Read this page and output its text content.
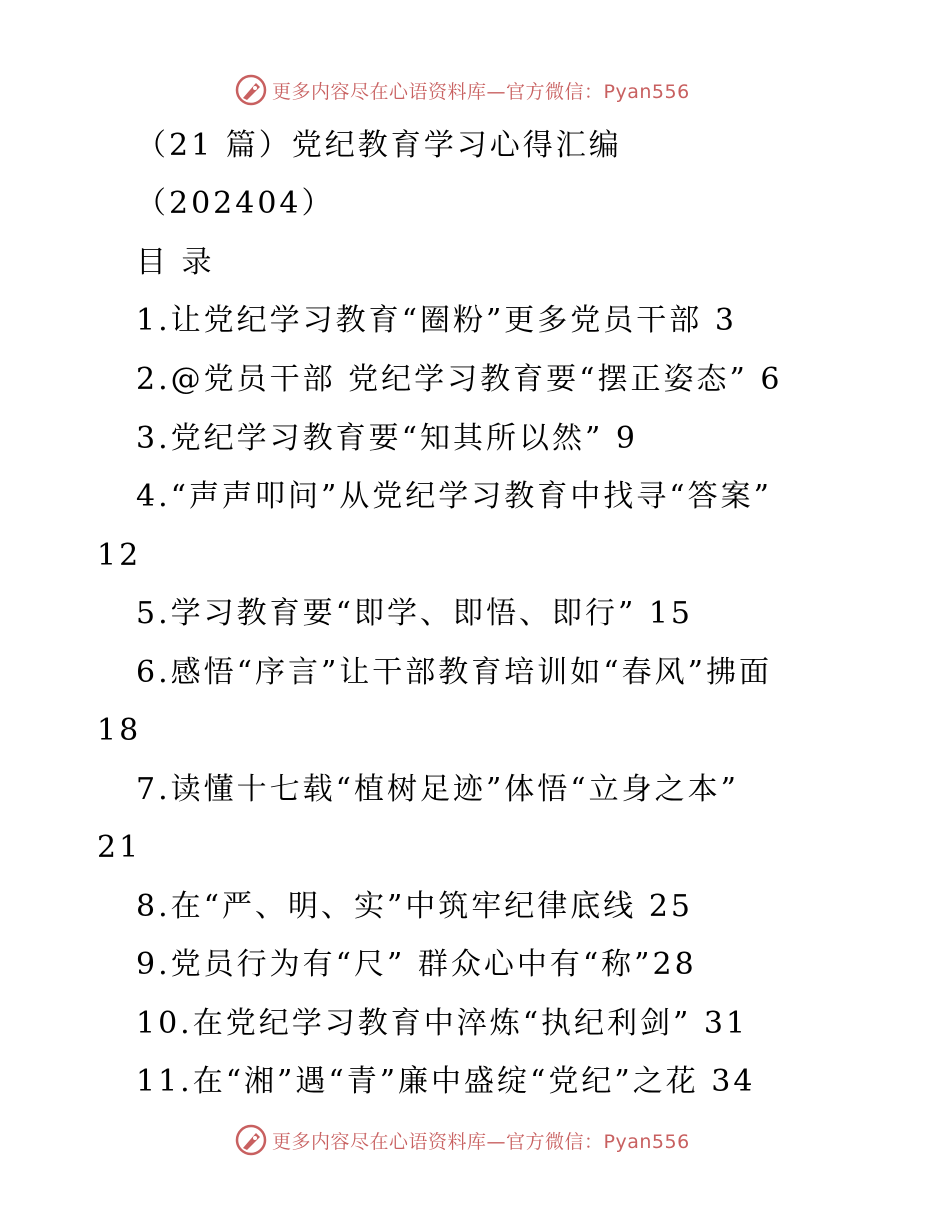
更多内容尽在心语资料库—官方微信：Pyan556

（21 篇）党纪教育学习心得汇编

（202404）

目 录

1.让党纪学习教育“圈粉”更多党员干部 3

2.@党员干部 党纪学习教育要“摆正姿态” 6

3.党纪学习教育要“知其所以然” 9

4.“声声叩问”从党纪学习教育中找寻“答案”

12

5.学习教育要“即学、即悟、即行” 15

6.感悟“序言”让干部教育培训如“春风”拂面

18

7.读懂十七载“植树足迹”体悟“立身之本”

21

8.在“严、明、实”中筑牢纪律底线 25

9.党员行为有“尺” 群众心中有“称”28

10.在党纪学习教育中淬炼“执纪利剑” 31

11.在“湘”遇“青”廉中盛绽“党纪”之花 34

更多内容尽在心语资料库—官方微信：Pyan556
